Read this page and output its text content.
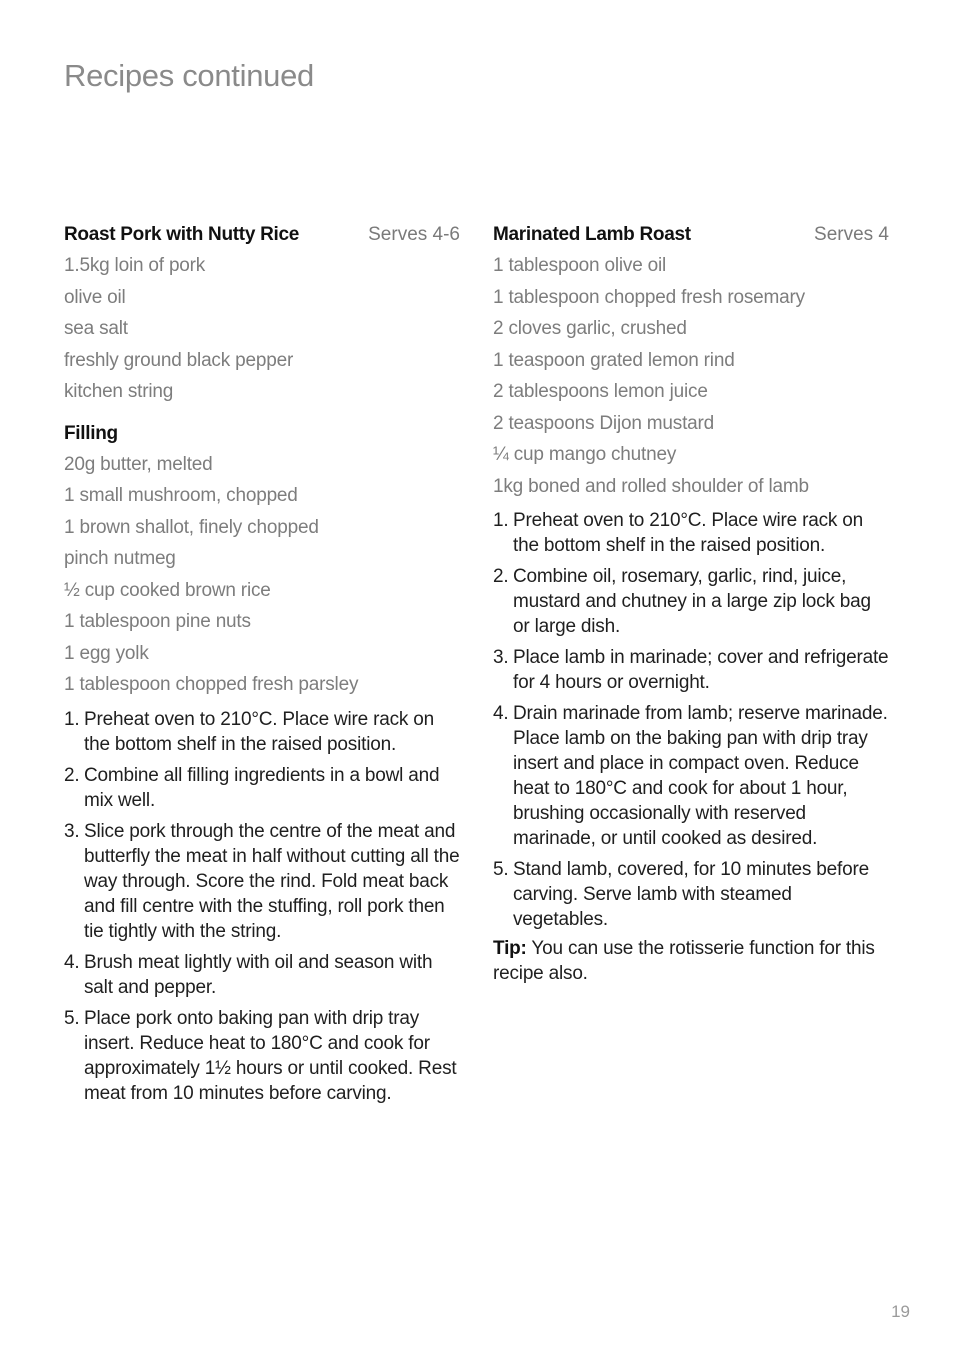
Recipes continued
Roast Pork with Nutty Rice	Serves 4-6
1.5kg loin of pork
olive oil
sea salt
freshly ground black pepper
kitchen string
Filling
20g butter, melted
1 small mushroom, chopped
1 brown shallot, finely chopped
pinch nutmeg
½ cup cooked brown rice
1 tablespoon pine nuts
1 egg yolk
1 tablespoon chopped fresh parsley
1. Preheat oven to 210°C. Place wire rack on the bottom shelf in the raised position.
2. Combine all filling ingredients in a bowl and mix well.
3. Slice pork through the centre of the meat and butterfly the meat in half without cutting all the way through. Score the rind. Fold meat back and fill centre with the stuffing, roll pork then tie tightly with the string.
4. Brush meat lightly with oil and season with salt and pepper.
5. Place pork onto baking pan with drip tray insert. Reduce heat to 180°C and cook for approximately 1½ hours or until cooked. Rest meat from 10 minutes before carving.
Marinated Lamb Roast	Serves 4
1 tablespoon olive oil
1 tablespoon chopped fresh rosemary
2 cloves garlic, crushed
1 teaspoon grated lemon rind
2 tablespoons lemon juice
2 teaspoons Dijon mustard
¼ cup mango chutney
1kg boned and rolled shoulder of lamb
1. Preheat oven to 210°C. Place wire rack on the bottom shelf in the raised position.
2. Combine oil, rosemary, garlic, rind, juice, mustard and chutney in a large zip lock bag or large dish.
3. Place lamb in marinade; cover and refrigerate for 4 hours or overnight.
4. Drain marinade from lamb; reserve marinade. Place lamb on the baking pan with drip tray insert and place in compact oven. Reduce heat to 180°C and cook for about 1 hour, brushing occasionally with reserved marinade, or until cooked as desired.
5. Stand lamb, covered, for 10 minutes before carving. Serve lamb with steamed vegetables.
Tip: You can use the rotisserie function for this recipe also.
19
